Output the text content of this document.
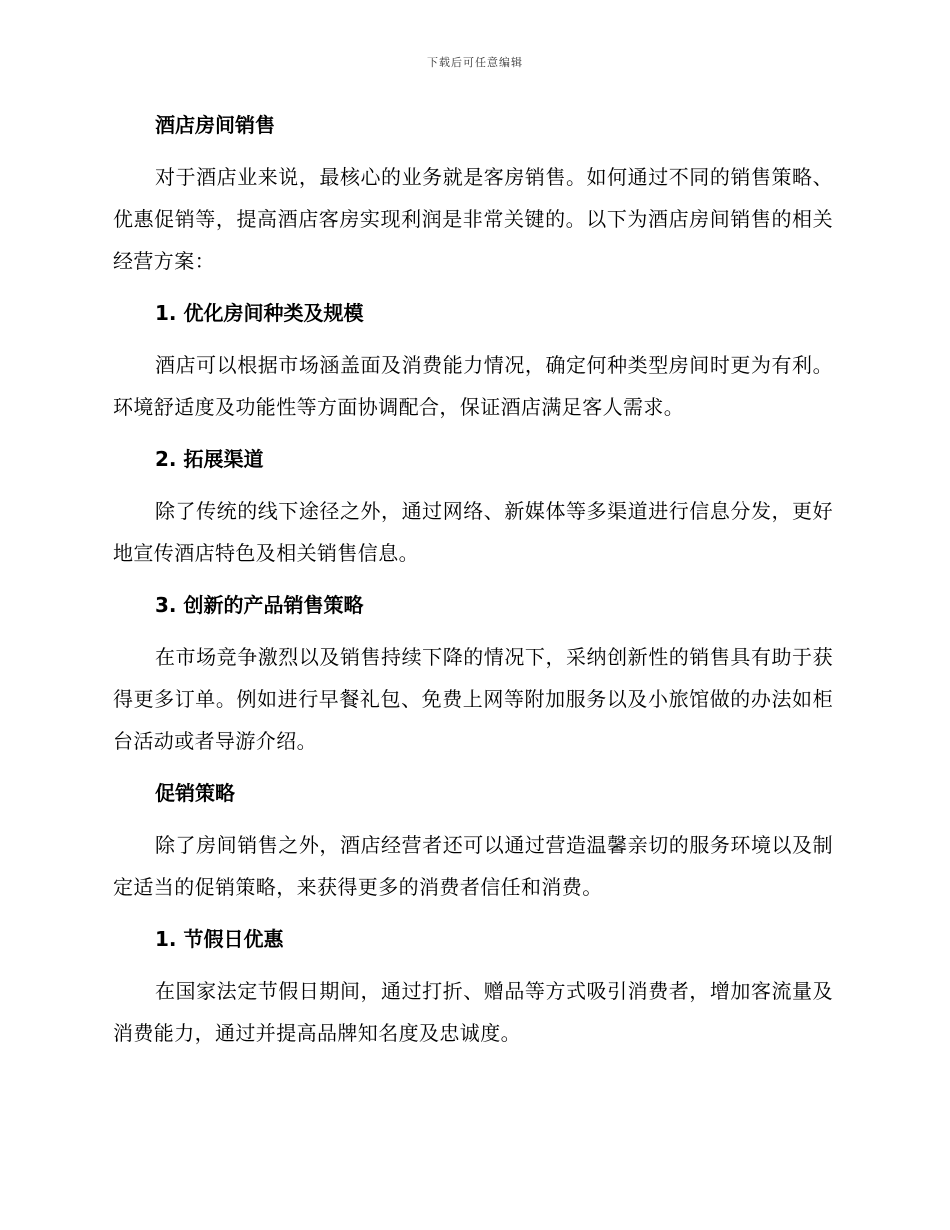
下载后可任意编辑
酒店房间销售

对于酒店业来说，最核心的业务就是客房销售。如何通过不同的销售策略、优惠促销等，提高酒店客房实现利润是非常关键的。以下为酒店房间销售的相关经营方案：

1. 优化房间种类及规模

酒店可以根据市场涵盖面及消费能力情况，确定何种类型房间时更为有利。环境舒适度及功能性等方面协调配合，保证酒店满足客人需求。

2. 拓展渠道

除了传统的线下途径之外，通过网络、新媒体等多渠道进行信息分发，更好地宣传酒店特色及相关销售信息。

3. 创新的产品销售策略

在市场竞争激烈以及销售持续下降的情况下，采纳创新性的销售具有助于获得更多订单。例如进行早餐礼包、免费上网等附加服务以及小旅馆做的办法如柜台活动或者导游介绍。

促销策略

除了房间销售之外，酒店经营者还可以通过营造温馨亲切的服务环境以及制定适当的促销策略，来获得更多的消费者信任和消费。

1. 节假日优惠

在国家法定节假日期间，通过打折、赠品等方式吸引消费者，增加客流量及消费能力，通过并提高品牌知名度及忠诚度。
